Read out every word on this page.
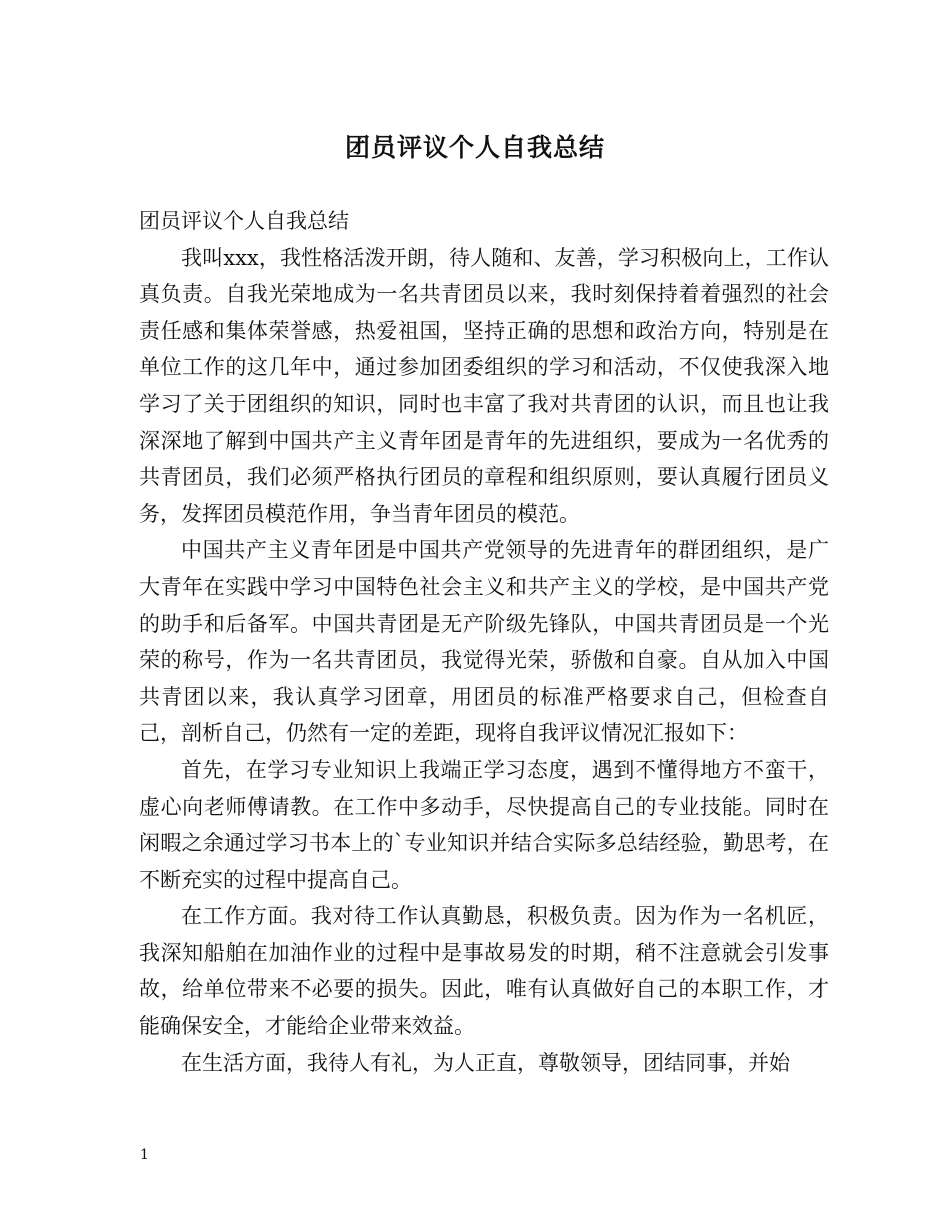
团员评议个人自我总结

团员评议个人自我总结

我叫xxx，我性格活泼开朗，待人随和、友善，学习积极向上，工作认真负责。自我光荣地成为一名共青团员以来，我时刻保持着着强烈的社会责任感和集体荣誉感，热爱祖国，坚持正确的思想和政治方向，特别是在单位工作的这几年中，通过参加团委组织的学习和活动，不仅使我深入地学习了关于团组织的知识，同时也丰富了我对共青团的认识，而且也让我深深地了解到中国共产主义青年团是青年的先进组织，要成为一名优秀的共青团员，我们必须严格执行团员的章程和组织原则，要认真履行团员义务，发挥团员模范作用，争当青年团员的模范。

中国共产主义青年团是中国共产党领导的先进青年的群团组织，是广大青年在实践中学习中国特色社会主义和共产主义的学校，是中国共产党的助手和后备军。中国共青团是无产阶级先锋队，中国共青团员是一个光荣的称号，作为一名共青团员，我觉得光荣，骄傲和自豪。自从加入中国共青团以来，我认真学习团章，用团员的标准严格要求自己，但检查自己，剖析自己，仍然有一定的差距，现将自我评议情况汇报如下：

首先，在学习专业知识上我端正学习态度，遇到不懂得地方不蛮干，虚心向老师傅请教。在工作中多动手，尽快提高自己的专业技能。同时在闲暇之余通过学习书本上的`专业知识并结合实际多总结经验，勤思考，在不断充实的过程中提高自己。

在工作方面。我对待工作认真勤恳，积极负责。因为作为一名机匠，我深知船舶在加油作业的过程中是事故易发的时期，稍不注意就会引发事故，给单位带来不必要的损失。因此，唯有认真做好自己的本职工作，才能确保安全，才能给企业带来效益。

在生活方面，我待人有礼，为人正直，尊敬领导，团结同事，并始

1
